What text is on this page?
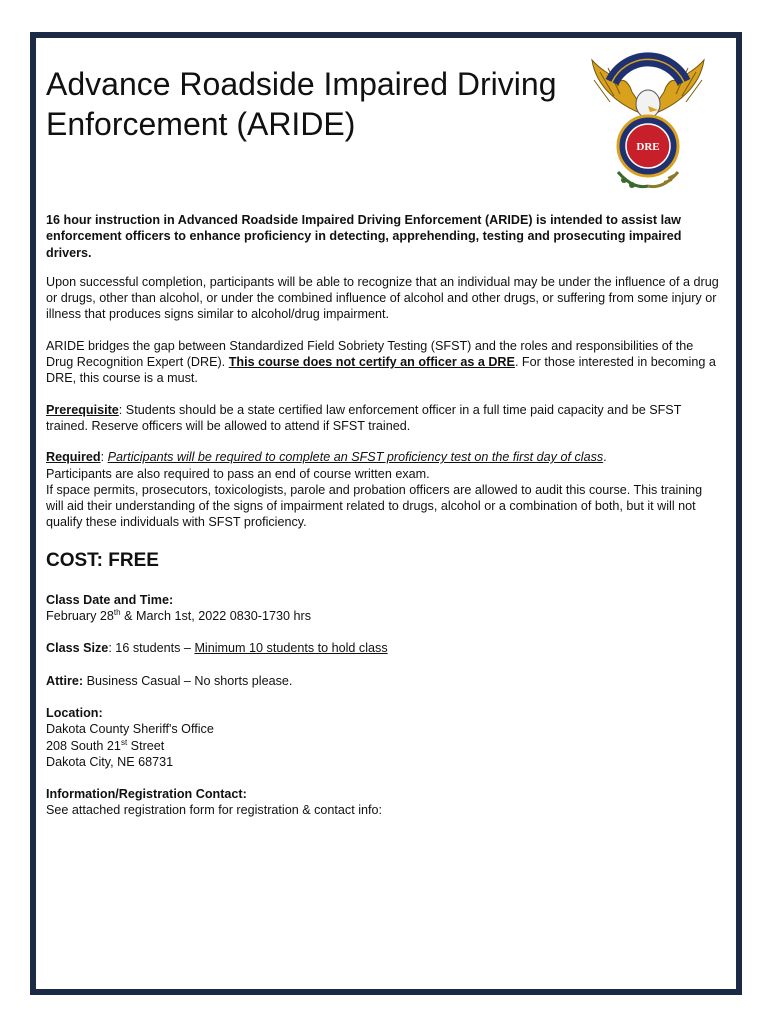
Advance Roadside Impaired Driving Enforcement (ARIDE)
DRE

16 hour instruction in Advanced Roadside Impaired Driving Enforcement (ARIDE) is intended to assist law enforcement officers to enhance proficiency in detecting, apprehending, testing and prosecuting impaired drivers.

Upon successful completion, participants will be able to recognize that an individual may be under the influence of a drug or drugs, other than alcohol, or under the combined influence of alcohol and other drugs, or suffering from some injury or illness that produces signs similar to alcohol/drug impairment.

ARIDE bridges the gap between Standardized Field Sobriety Testing (SFST) and the roles and responsibilities of the Drug Recognition Expert (DRE). This course does not certify an officer as a DRE. For those interested in becoming a DRE, this course is a must.

Prerequisite: Students should be a state certified law enforcement officer in a full time paid capacity and be SFST trained. Reserve officers will be allowed to attend if SFST trained.

Required: Participants will be required to complete an SFST proficiency test on the first day of class.

Participants are also required to pass an end of course written exam.

If space permits, prosecutors, toxicologists, parole and probation officers are allowed to audit this course. This training will aid their understanding of the signs of impairment related to drugs, alcohol or a combination of both, but it will not qualify these individuals with SFST proficiency.

COST: FREE

Class Date and Time:

February 28th & March 1st, 2022 0830-1730 hrs

Class Size: 16 students – Minimum 10 students to hold class

Attire: Business Casual – No shorts please.

Location:

Dakota County Sheriff's Office

208 South 21st Street

Dakota City, NE 68731

Information/Registration Contact:

See attached registration form for registration & contact info:
